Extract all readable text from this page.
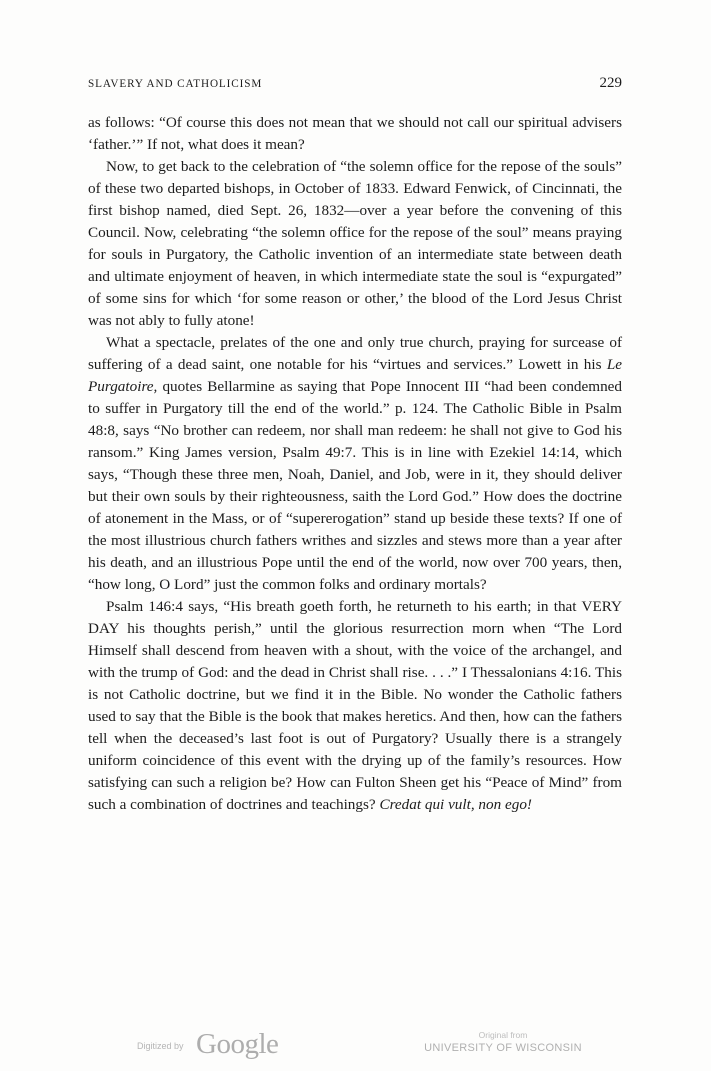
SLAVERY AND CATHOLICISM	229

as follows: “Of course this does not mean that we should not call our spiritual advisers ‘father.’” If not, what does it mean?

Now, to get back to the celebration of “the solemn office for the repose of the souls” of these two departed bishops, in October of 1833. Edward Fenwick, of Cincinnati, the first bishop named, died Sept. 26, 1832—over a year before the convening of this Council. Now, celebrating “the solemn office for the repose of the soul” means praying for souls in Purgatory, the Catholic invention of an intermediate state between death and ultimate enjoyment of heaven, in which intermediate state the soul is “expurgated” of some sins for which ‘for some reason or other,’ the blood of the Lord Jesus Christ was not ably to fully atone!

What a spectacle, prelates of the one and only true church, praying for surcease of suffering of a dead saint, one notable for his “virtues and services.” Lowett in his Le Purgatoire, quotes Bellarmine as saying that Pope Innocent III “had been condemned to suffer in Purgatory till the end of the world.” p. 124. The Catholic Bible in Psalm 48:8, says “No brother can redeem, nor shall man redeem: he shall not give to God his ransom.” King James version, Psalm 49:7. This is in line with Ezekiel 14:14, which says, “Though these three men, Noah, Daniel, and Job, were in it, they should deliver but their own souls by their righteousness, saith the Lord God.” How does the doctrine of atonement in the Mass, or of “supererogation” stand up beside these texts? If one of the most illustrious church fathers writhes and sizzles and stews more than a year after his death, and an illustrious Pope until the end of the world, now over 700 years, then, “how long, O Lord” just the common folks and ordinary mortals?

Psalm 146:4 says, “His breath goeth forth, he returneth to his earth; in that VERY DAY his thoughts perish,” until the glorious resurrection morn when “The Lord Himself shall descend from heaven with a shout, with the voice of the archangel, and with the trump of God: and the dead in Christ shall rise. . . .” I Thessalonians 4:16. This is not Catholic doctrine, but we find it in the Bible. No wonder the Catholic fathers used to say that the Bible is the book that makes heretics. And then, how can the fathers tell when the deceased’s last foot is out of Purgatory? Usually there is a strangely uniform coincidence of this event with the drying up of the family’s resources. How satisfying can such a religion be? How can Fulton Sheen get his “Peace of Mind” from such a combination of doctrines and teachings? Credat qui vult, non ego!

Digitized by Google	Original from
UNIVERSITY OF WISCONSIN
